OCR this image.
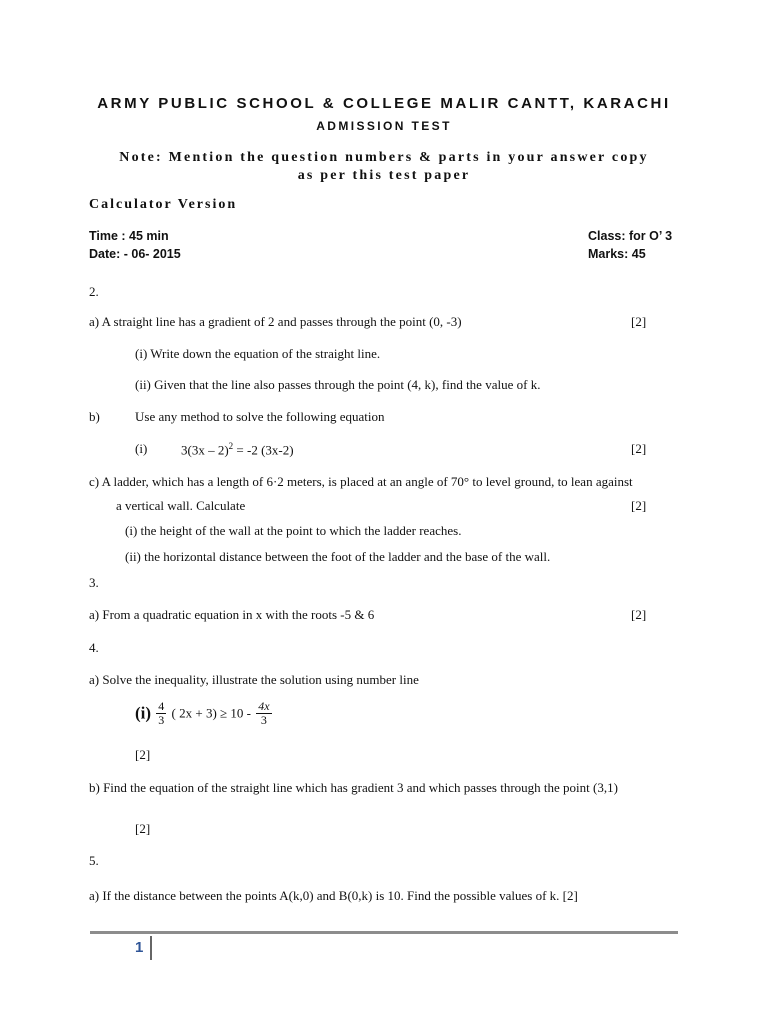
ARMY PUBLIC SCHOOL & COLLEGE MALIR CANTT, KARACHI
ADMISSION TEST
Note: Mention the question numbers & parts in your answer copy
as per this test paper
Calculator Version
Time : 45 min
Date: - 06- 2015
Class: for O’ 3
Marks: 45
2.
a) A straight line has a gradient of 2 and passes through the point (0, -3)	[2]
(i) Write down the equation of the straight line.
(ii) Given that the line also passes through the point (4, k), find the value of k.
b)	Use any method to solve the following equation
(i)	3(3x – 2)$^2$ = -2 (3x-2)	[2]
c) A ladder, which has a length of 6·2 meters, is placed at an angle of 70° to level ground, to lean against
a vertical wall. Calculate	[2]
(i) the height of the wall at the point to which the ladder reaches.
(ii) the horizontal distance between the foot of the ladder and the base of the wall.
3.
a) From a quadratic equation in x with the roots -5 & 6	[2]
4.
a) Solve the inequality, illustrate the solution using number line
$(i) \frac{4}{3}$ ( $2x + 3) \ge 10 - \frac{4x}{3}$
[2]
b) Find the equation of the straight line which has gradient 3 and which passes through the point (3,1)
[2]
5.
a) If the distance between the points A(k,0) and B(0,k) is 10. Find the possible values of k. [2]
1
